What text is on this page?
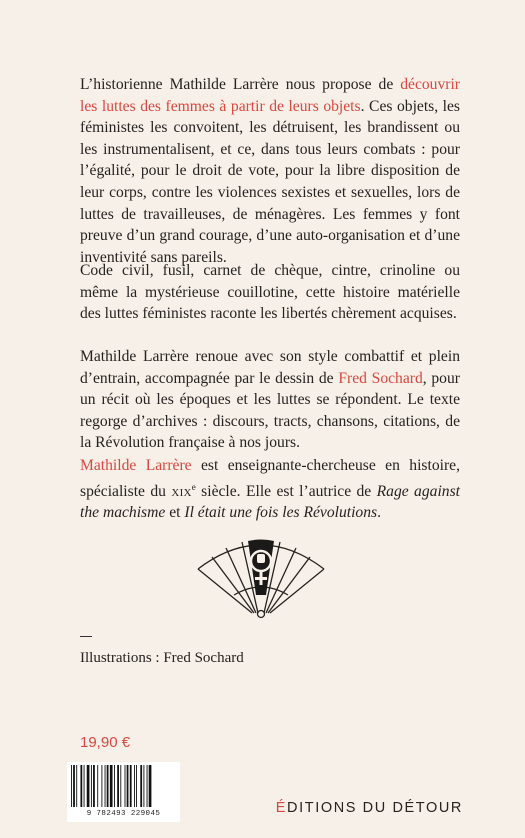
L’historienne Mathilde Larrère nous propose de découvrir les luttes des femmes à partir de leurs objets. Ces objets, les féministes les convoitent, les détruisent, les brandissent ou les instrumentalisent, et ce, dans tous leurs combats : pour l’égalité, pour le droit de vote, pour la libre disposition de leur corps, contre les violences sexistes et sexuelles, lors de luttes de travailleuses, de ménagères. Les femmes y font preuve d’un grand courage, d’une auto-organisation et d’une inventivité sans pareils.

Code civil, fusil, carnet de chèque, cintre, crinoline ou même la mystérieuse couillotine, cette histoire matérielle des luttes féministes raconte les libertés chèrement acquises.

Mathilde Larrère renoue avec son style combattif et plein d’entrain, accompagnée par le dessin de Fred Sochard, pour un récit où les époques et les luttes se répondent. Le texte regorge d’archives : discours, tracts, chansons, citations, de la Révolution française à nos jours.

Mathilde Larrère est enseignante-chercheuse en histoire, spécialiste du xix$^e$ siècle. Elle est l’autrice de Rage against the machisme et Il était une fois les Révolutions.

Illustrations : Fred Sochard
19,90 €
9 782493 229045	ÉDITIONS DU DÉTOUR
